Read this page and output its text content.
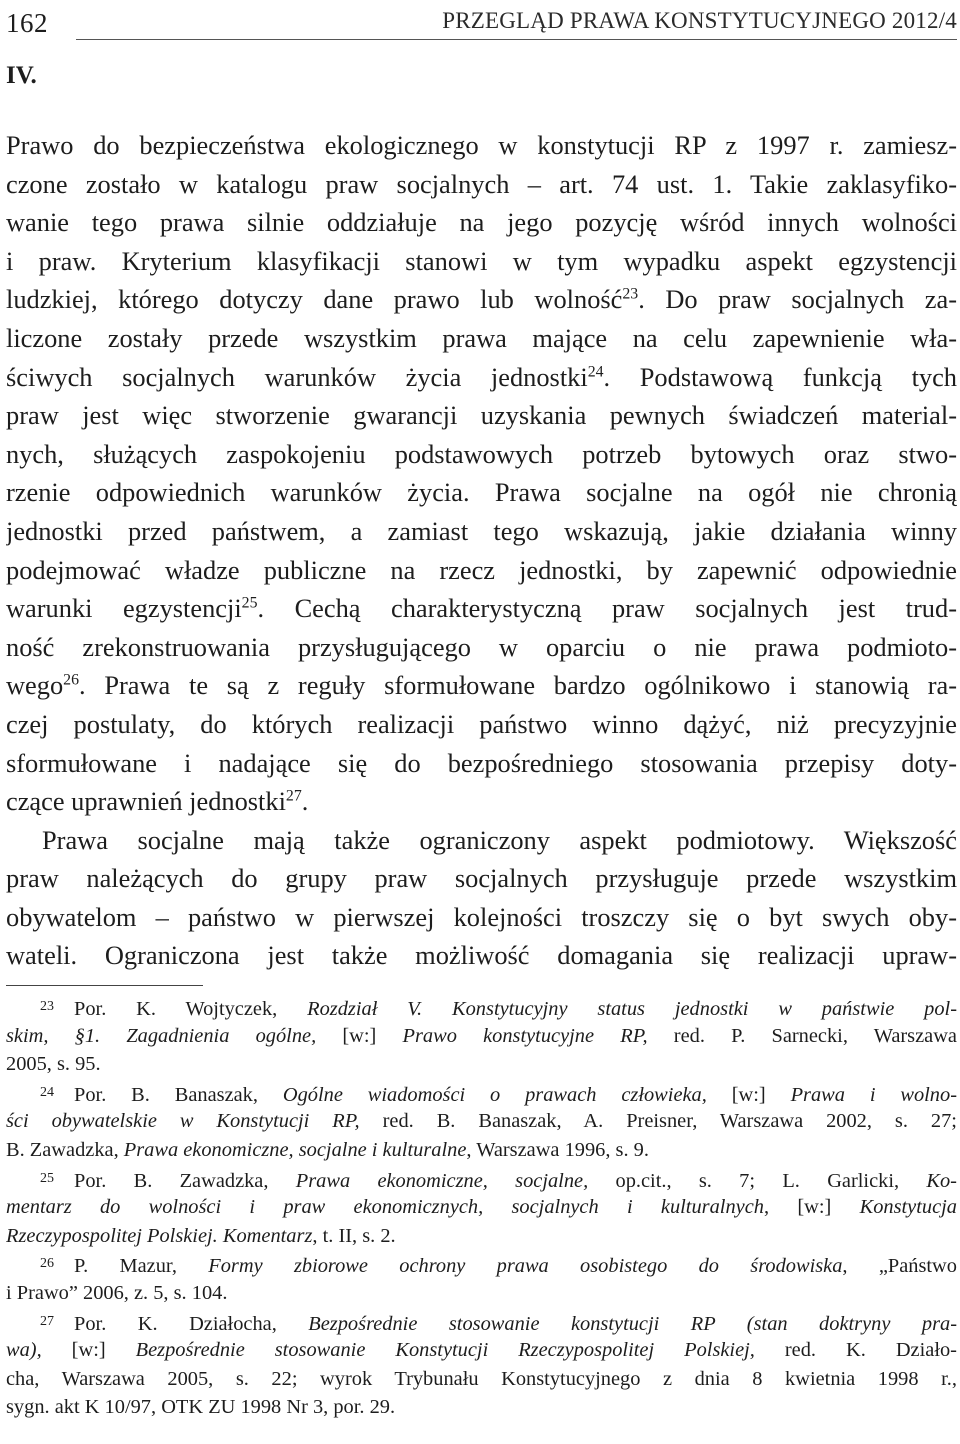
162	PRZEGLĄD PRAWA KONSTYTUCYJNEGO 2012/4
IV.
Prawo do bezpieczeństwa ekologicznego w konstytucji RP z 1997 r. zamiesz-
czone zostało w katalogu praw socjalnych – art. 74 ust. 1. Takie zaklasyfiko-
wanie tego prawa silnie oddziałuje na jego pozycję wśród innych wolności
i praw. Kryterium klasyfikacji stanowi w tym wypadku aspekt egzystencji
ludzkiej, którego dotyczy dane prawo lub wolność$^{23}$. Do praw socjalnych za-
liczone zostały przede wszystkim prawa mające na celu zapewnienie wła-
ściwych socjalnych warunków życia jednostki$^{24}$. Podstawową funkcją tych
praw jest więc stworzenie gwarancji uzyskania pewnych świadczeń material-
nych, służących zaspokojeniu podstawowych potrzeb bytowych oraz stwo-
rzenie odpowiednich warunków życia. Prawa socjalne na ogół nie chronią
jednostki przed państwem, a zamiast tego wskazują, jakie działania winny
podejmować władze publiczne na rzecz jednostki, by zapewnić odpowiednie
warunki egzystencji$^{25}$. Cechą charakterystyczną praw socjalnych jest trud-
ność zrekonstruowania przysługującego w oparciu o nie prawa podmioto-
wego$^{26}$. Prawa te są z reguły sformułowane bardzo ogólnikowo i stanowią ra-
czej postulaty, do których realizacji państwo winno dążyć, niż precyzyjnie
sformułowane i nadające się do bezpośredniego stosowania przepisy doty-
czące uprawnień jednostki$^{27}$.
Prawa socjalne mają także ograniczony aspekt podmiotowy. Większość
praw należących do grupy praw socjalnych przysługuje przede wszystkim
obywatelom – państwo w pierwszej kolejności troszczy się o byt swych oby-
wateli. Ograniczona jest także możliwość domagania się realizacji upraw-
$^{23}$ Por. K. Wojtyczek, Rozdział V. Konstytucyjny status jednostki w państwie pol-
skim, §1. Zagadnienia ogólne, [w:] Prawo konstytucyjne RP, red. P. Sarnecki, Warszawa
2005, s. 95.
$^{24}$ Por. B. Banaszak, Ogólne wiadomości o prawach człowieka, [w:] Prawa i wolno-
ści obywatelskie w Konstytucji RP, red. B. Banaszak, A. Preisner, Warszawa 2002, s. 27;
B. Zawadzka, Prawa ekonomiczne, socjalne i kulturalne, Warszawa 1996, s. 9.
$^{25}$ Por. B. Zawadzka, Prawa ekonomiczne, socjalne, op.cit., s. 7; L. Garlicki, Ko-
mentarz do wolności i praw ekonomicznych, socjalnych i kulturalnych, [w:] Konstytucja
Rzeczypospolitej Polskiej. Komentarz, t. II, s. 2.
$^{26}$ P. Mazur, Formy zbiorowe ochrony prawa osobistego do środowiska, „Państwo
i Prawo” 2006, z. 5, s. 104.
$^{27}$ Por. K. Działocha, Bezpośrednie stosowanie konstytucji RP (stan doktryny pra-
wa), [w:] Bezpośrednie stosowanie Konstytucji Rzeczypospolitej Polskiej, red. K. Działo-
cha, Warszawa 2005, s. 22; wyrok Trybunału Konstytucyjnego z dnia 8 kwietnia 1998 r.,
sygn. akt K 10/97, OTK ZU 1998 Nr 3, por. 29.
